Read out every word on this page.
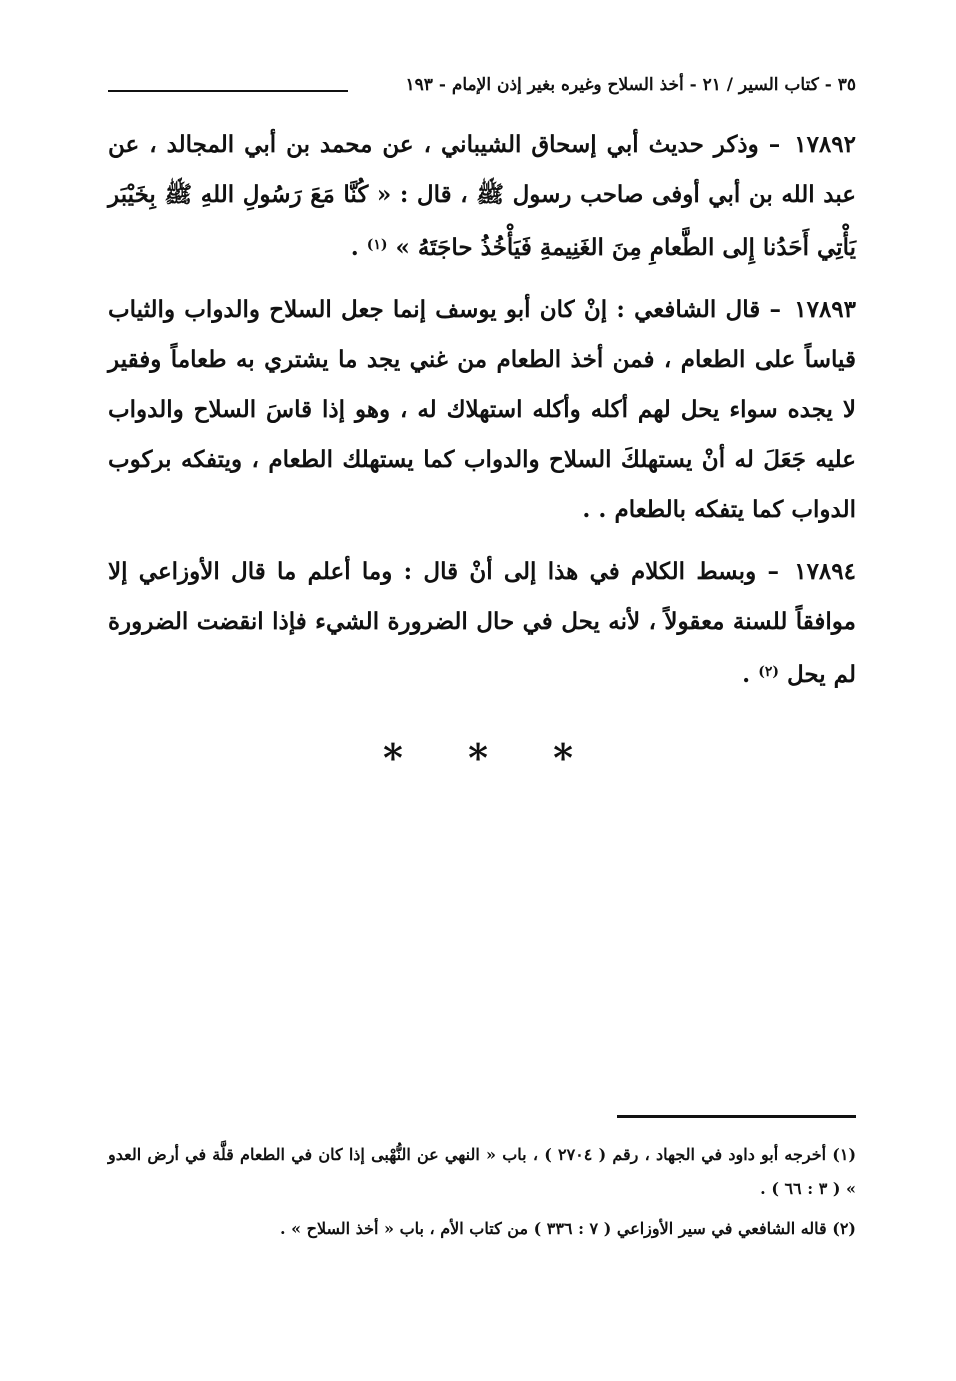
٣٥ - كتاب السير / ٢١ - أخذ السلاح وغيره بغير إذن الإمام - ١٩٣

١٧٨٩٢ – وذكر حديث أبي إسحاق الشيباني ، عن محمد بن أبي المجالد ، عن عبد الله بن أبي أوفى صاحب رسول ﷺ ، قال : « كُنَّا مَعَ رَسُولِ اللهِ ﷺ بِخَيْبَر يَأْتِي أَحَدُنا إِلى الطَّعامِ مِنَ الغَنِيمةِ فَيَأْخُذُ حاجَتَهُ » $^{(١)}$ .

١٧٨٩٣ – قال الشافعي : إنْ كان أبو يوسف إنما جعل السلاح والدواب والثياب قياساً على الطعام ، فمن أخذ الطعام من غني يجد ما يشتري به طعاماً وفقير لا يجده سواء يحل لهم أكله وأكله استهلاك له ، وهو إذا قاسَ السلاح والدواب عليه جَعَلَ له أنْ يستهلكَ السلاح والدواب كما يستهلك الطعام ، ويتفكه بركوب الدواب كما يتفكه بالطعام . .

١٧٨٩٤ – وبسط الكلام في هذا إلى أنْ قال : وما أعلم ما قال الأوزاعي إلا موافقاً للسنة معقولاً ، لأنه يحل في حال الضرورة الشيء فإذا انقضت الضرورة لم يحل $^{(٢)}$ .

* * *

(١) أخرجه أبو داود في الجهاد ، رقم ( ٢٧٠٤ ) ، باب « النهي عن النُّهْبى إذا كان في الطعام قلَّة في أرض العدو » ( ٣ : ٦٦ ) .

(٢) قاله الشافعي في سير الأوزاعي ( ٧ : ٣٣٦ ) من كتاب الأم ، باب « أخذ السلاح » .
